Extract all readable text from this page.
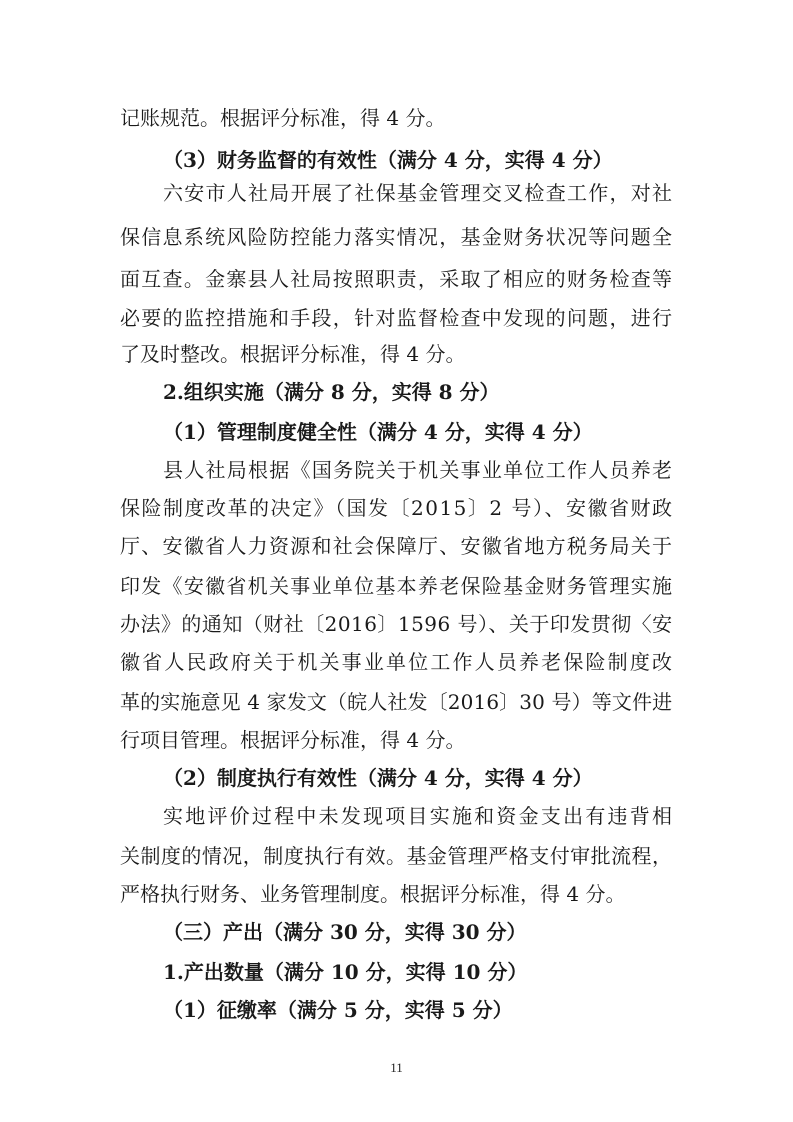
记账规范。根据评分标准，得 4 分。
（3）财务监督的有效性（满分 4 分，实得 4 分）
六安市人社局开展了社保基金管理交叉检查工作，对社
保信息系统风险防控能力落实情况，基金财务状况等问题全
面互查。金寨县人社局按照职责，采取了相应的财务检查等
必要的监控措施和手段，针对监督检查中发现的问题，进行
了及时整改。根据评分标准，得 4 分。
2.组织实施（满分 8 分，实得 8 分）
（1）管理制度健全性（满分 4 分，实得 4 分）
县人社局根据《国务院关于机关事业单位工作人员养老
保险制度改革的决定》（国发〔2015〕2 号）、安徽省财政
厅、安徽省人力资源和社会保障厅、安徽省地方税务局关于
印发《安徽省机关事业单位基本养老保险基金财务管理实施
办法》的通知（财社〔2016〕1596 号）、关于印发贯彻〈安
徽省人民政府关于机关事业单位工作人员养老保险制度改
革的实施意见 4 家发文（皖人社发〔2016〕30 号）等文件进
行项目管理。根据评分标准，得 4 分。
（2）制度执行有效性（满分 4 分，实得 4 分）
实地评价过程中未发现项目实施和资金支出有违背相
关制度的情况，制度执行有效。基金管理严格支付审批流程，
严格执行财务、业务管理制度。根据评分标准，得 4 分。
（三）产出（满分 30 分，实得 30 分）
1.产出数量（满分 10 分，实得 10 分）
（1）征缴率（满分 5 分，实得 5 分）
11
